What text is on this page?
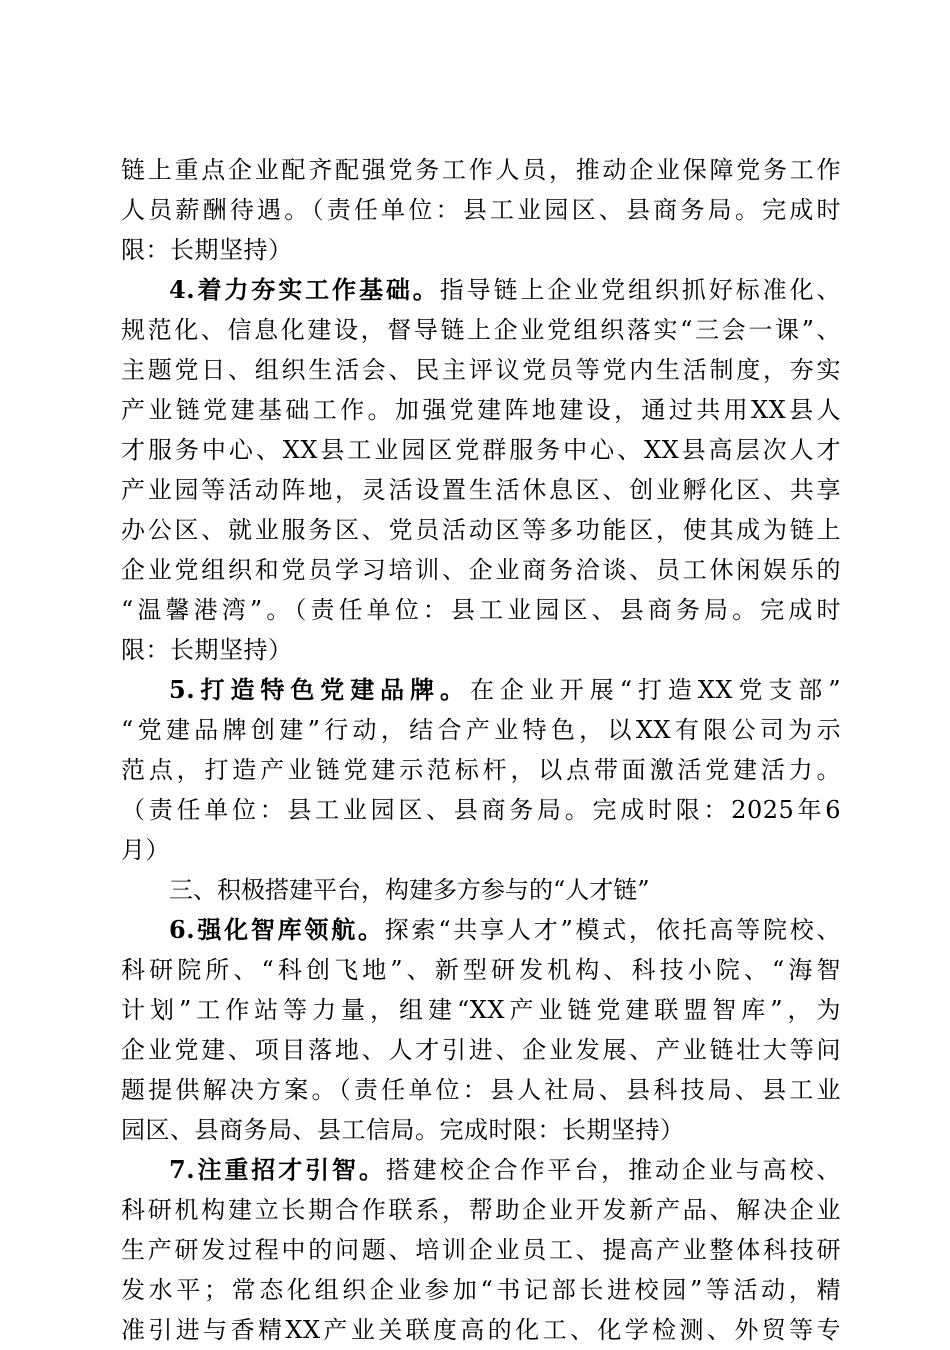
链上重点企业配齐配强党务工作人员，推动企业保障党务工作
人员薪酬待遇。（责任单位：县工业园区、县商务局。完成时
限：长期坚持）
4.着力夯实工作基础。指导链上企业党组织抓好标准化、
规范化、信息化建设，督导链上企业党组织落实“三会一课”、
主题党日、组织生活会、民主评议党员等党内生活制度，夯实
产业链党建基础工作。加强党建阵地建设，通过共用XX县人
才服务中心、XX县工业园区党群服务中心、XX县高层次人才
产业园等活动阵地，灵活设置生活休息区、创业孵化区、共享
办公区、就业服务区、党员活动区等多功能区，使其成为链上
企业党组织和党员学习培训、企业商务洽谈、员工休闲娱乐的
“温馨港湾”。（责任单位：县工业园区、县商务局。完成时
限：长期坚持）
5.打造特色党建品牌。在企业开展“打造XX党支部”
“党建品牌创建”行动，结合产业特色，以XX有限公司为示
范点，打造产业链党建示范标杆，以点带面激活党建活力。
（责任单位：县工业园区、县商务局。完成时限：2025年6
月）
三、积极搭建平台，构建多方参与的“人才链”
6.强化智库领航。探索“共享人才”模式，依托高等院校、
科研院所、“科创飞地”、新型研发机构、科技小院、“海智
计划”工作站等力量，组建“XX产业链党建联盟智库”，为
企业党建、项目落地、人才引进、企业发展、产业链壮大等问
题提供解决方案。（责任单位：县人社局、县科技局、县工业
园区、县商务局、县工信局。完成时限：长期坚持）
7.注重招才引智。搭建校企合作平台，推动企业与高校、
科研机构建立长期合作联系，帮助企业开发新产品、解决企业
生产研发过程中的问题、培训企业员工、提高产业整体科技研
发水平；常态化组织企业参加“书记部长进校园”等活动，精
准引进与香精XX产业关联度高的化工、化学检测、外贸等专
